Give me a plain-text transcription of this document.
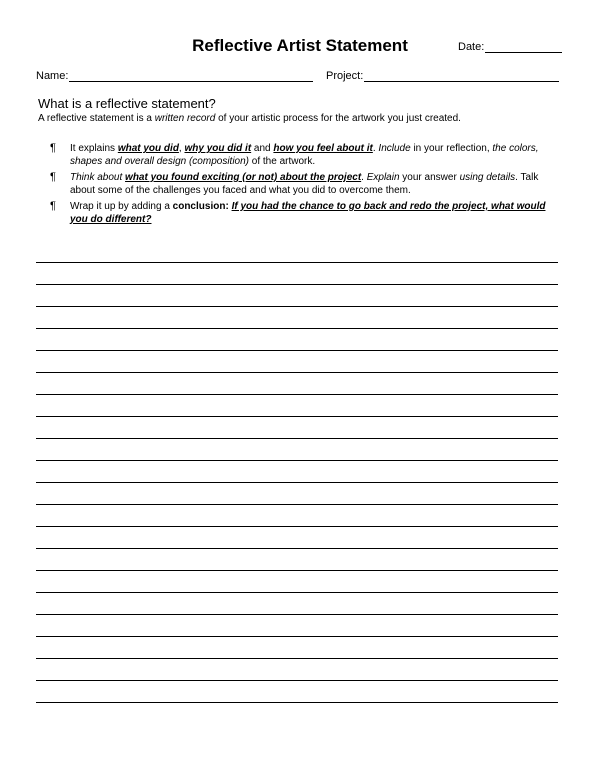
Reflective Artist Statement	Date:
Name:	Project:
What is a reflective statement?
A reflective statement is a written record of your artistic process for the artwork you just created.
¶ It explains what you did, why you did it and how you feel about it. Include in your reflection, the colors, shapes and overall design (composition) of the artwork.
¶ Think about what you found exciting (or not) about the project. Explain your answer using details. Talk about some of the challenges you faced and what you did to overcome them.
¶ Wrap it up by adding a conclusion: If you had the chance to go back and redo the project, what would you do different?
